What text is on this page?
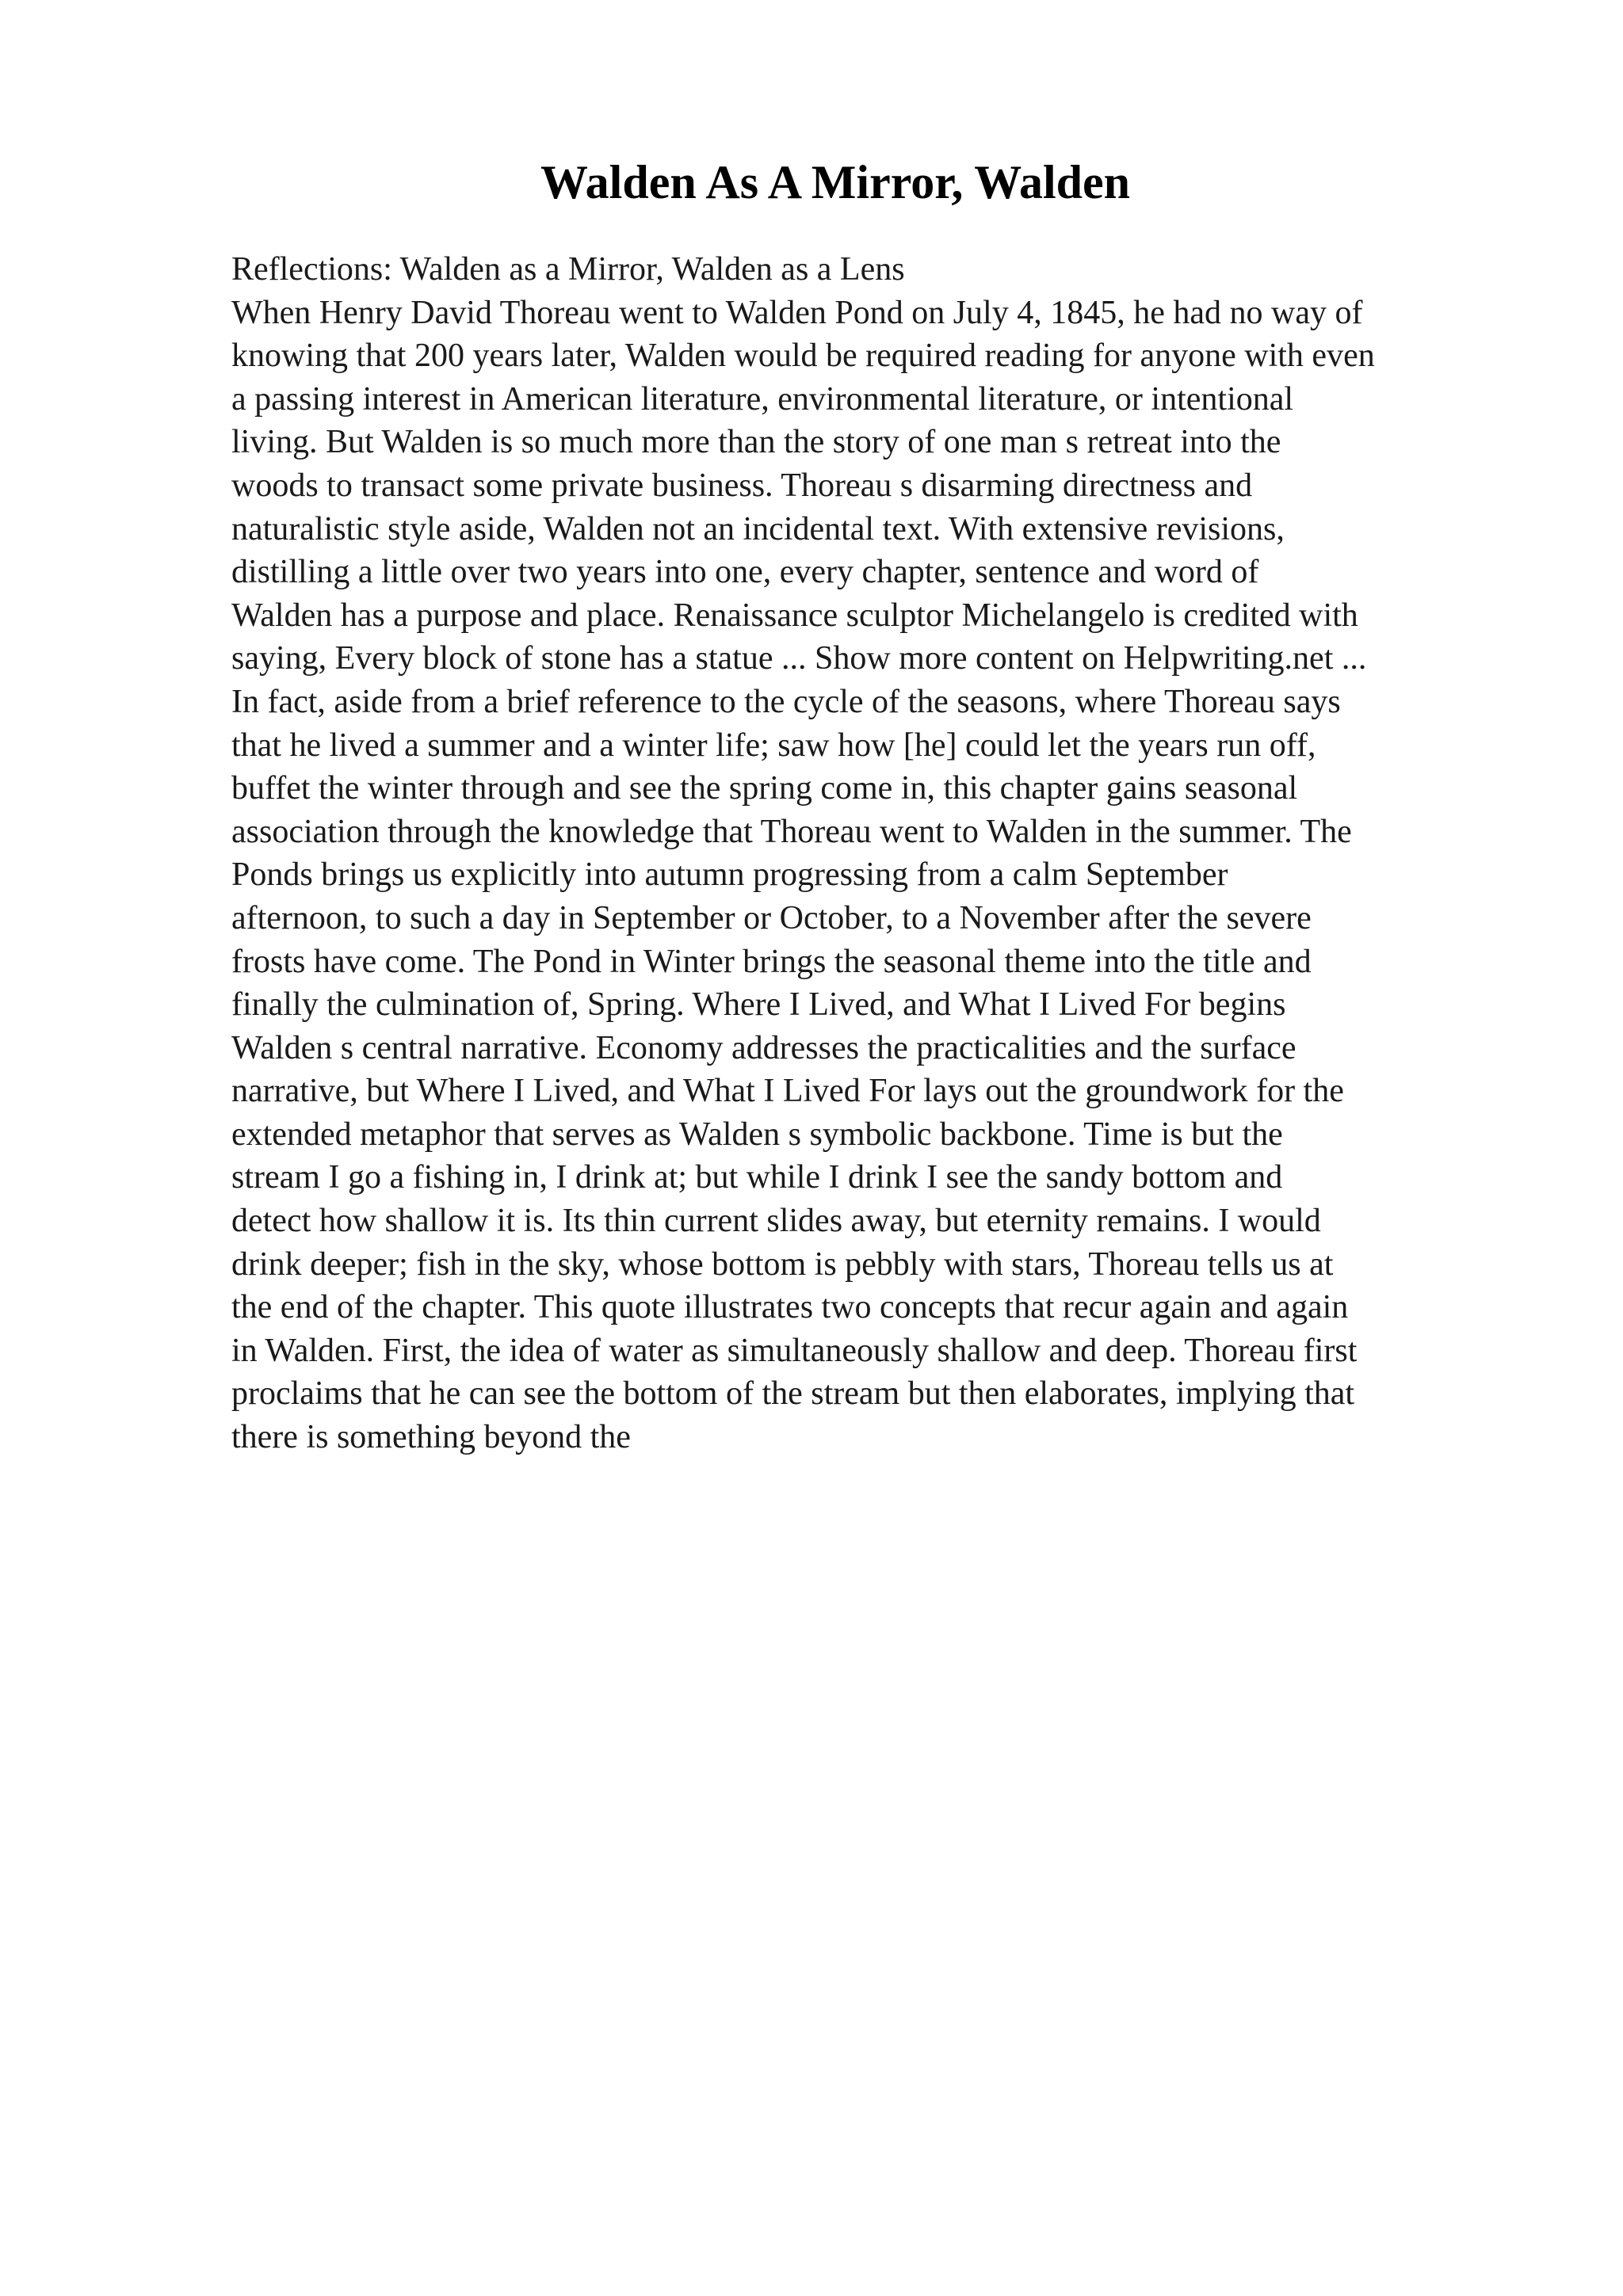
Walden As A Mirror, Walden
Reflections: Walden as a Mirror, Walden as a Lens
When Henry David Thoreau went to Walden Pond on July 4, 1845, he had no way of
knowing that 200 years later, Walden would be required reading for anyone with even
a passing interest in American literature, environmental literature, or intentional
living. But Walden is so much more than the story of one man s retreat into the
woods to transact some private business. Thoreau s disarming directness and
naturalistic style aside, Walden not an incidental text. With extensive revisions,
distilling a little over two years into one, every chapter, sentence and word of
Walden has a purpose and place. Renaissance sculptor Michelangelo is credited with
saying, Every block of stone has a statue ... Show more content on Helpwriting.net ...
In fact, aside from a brief reference to the cycle of the seasons, where Thoreau says
that he lived a summer and a winter life; saw how [he] could let the years run off,
buffet the winter through and see the spring come in, this chapter gains seasonal
association through the knowledge that Thoreau went to Walden in the summer. The
Ponds brings us explicitly into autumn progressing from a calm September
afternoon, to such a day in September or October, to a November after the severe
frosts have come. The Pond in Winter brings the seasonal theme into the title and
finally the culmination of, Spring. Where I Lived, and What I Lived For begins
Walden s central narrative. Economy addresses the practicalities and the surface
narrative, but Where I Lived, and What I Lived For lays out the groundwork for the
extended metaphor that serves as Walden s symbolic backbone. Time is but the
stream I go a fishing in, I drink at; but while I drink I see the sandy bottom and
detect how shallow it is. Its thin current slides away, but eternity remains. I would
drink deeper; fish in the sky, whose bottom is pebbly with stars, Thoreau tells us at
the end of the chapter. This quote illustrates two concepts that recur again and again
in Walden. First, the idea of water as simultaneously shallow and deep. Thoreau first
proclaims that he can see the bottom of the stream but then elaborates, implying that
there is something beyond the
